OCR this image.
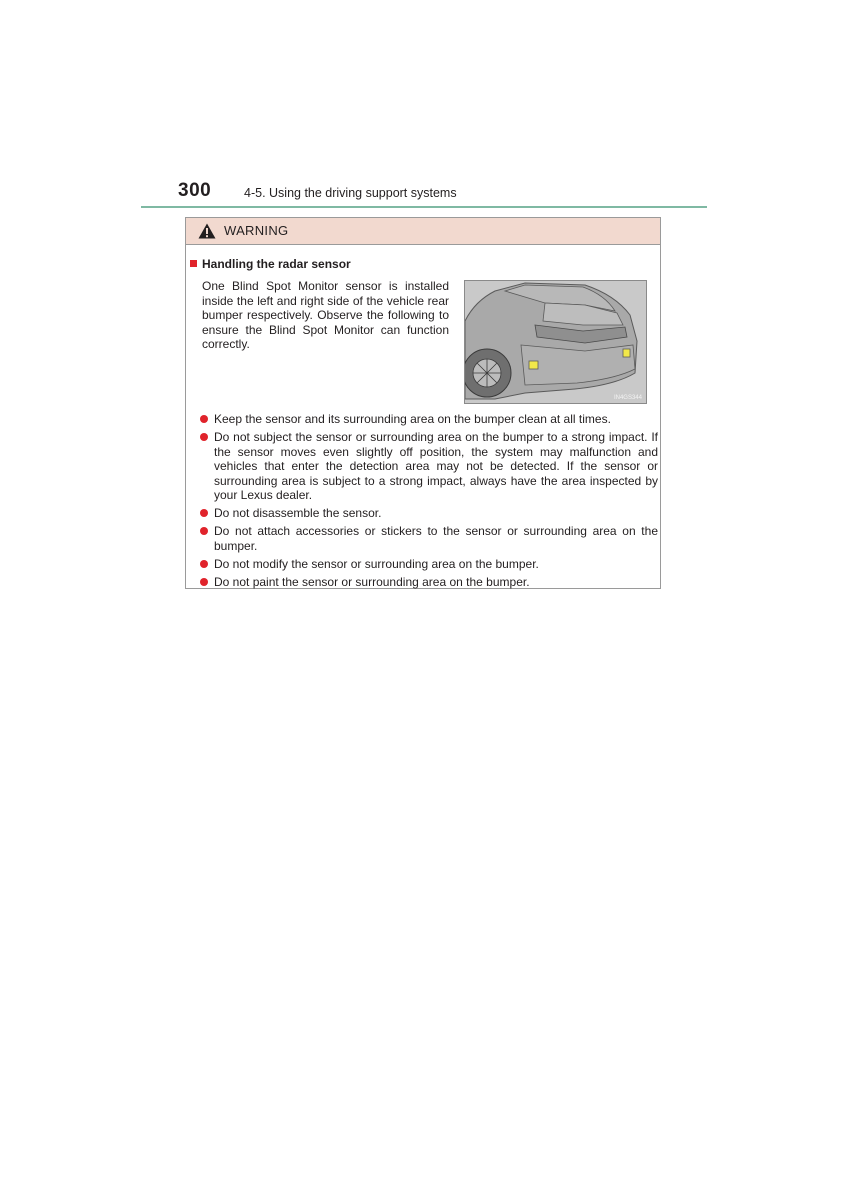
300	4-5. Using the driving support systems
WARNING
Handling the radar sensor
One Blind Spot Monitor sensor is installed inside the left and right side of the vehicle rear bumper respectively. Observe the following to ensure the Blind Spot Monitor can function correctly.
IN4GS344
Keep the sensor and its surrounding area on the bumper clean at all times.
Do not subject the sensor or surrounding area on the bumper to a strong impact. If the sensor moves even slightly off position, the system may malfunction and vehicles that enter the detection area may not be detected. If the sensor or surrounding area is subject to a strong impact, always have the area inspected by your Lexus dealer.
Do not disassemble the sensor.
Do not attach accessories or stickers to the sensor or surrounding area on the bumper.
Do not modify the sensor or surrounding area on the bumper.
Do not paint the sensor or surrounding area on the bumper.
